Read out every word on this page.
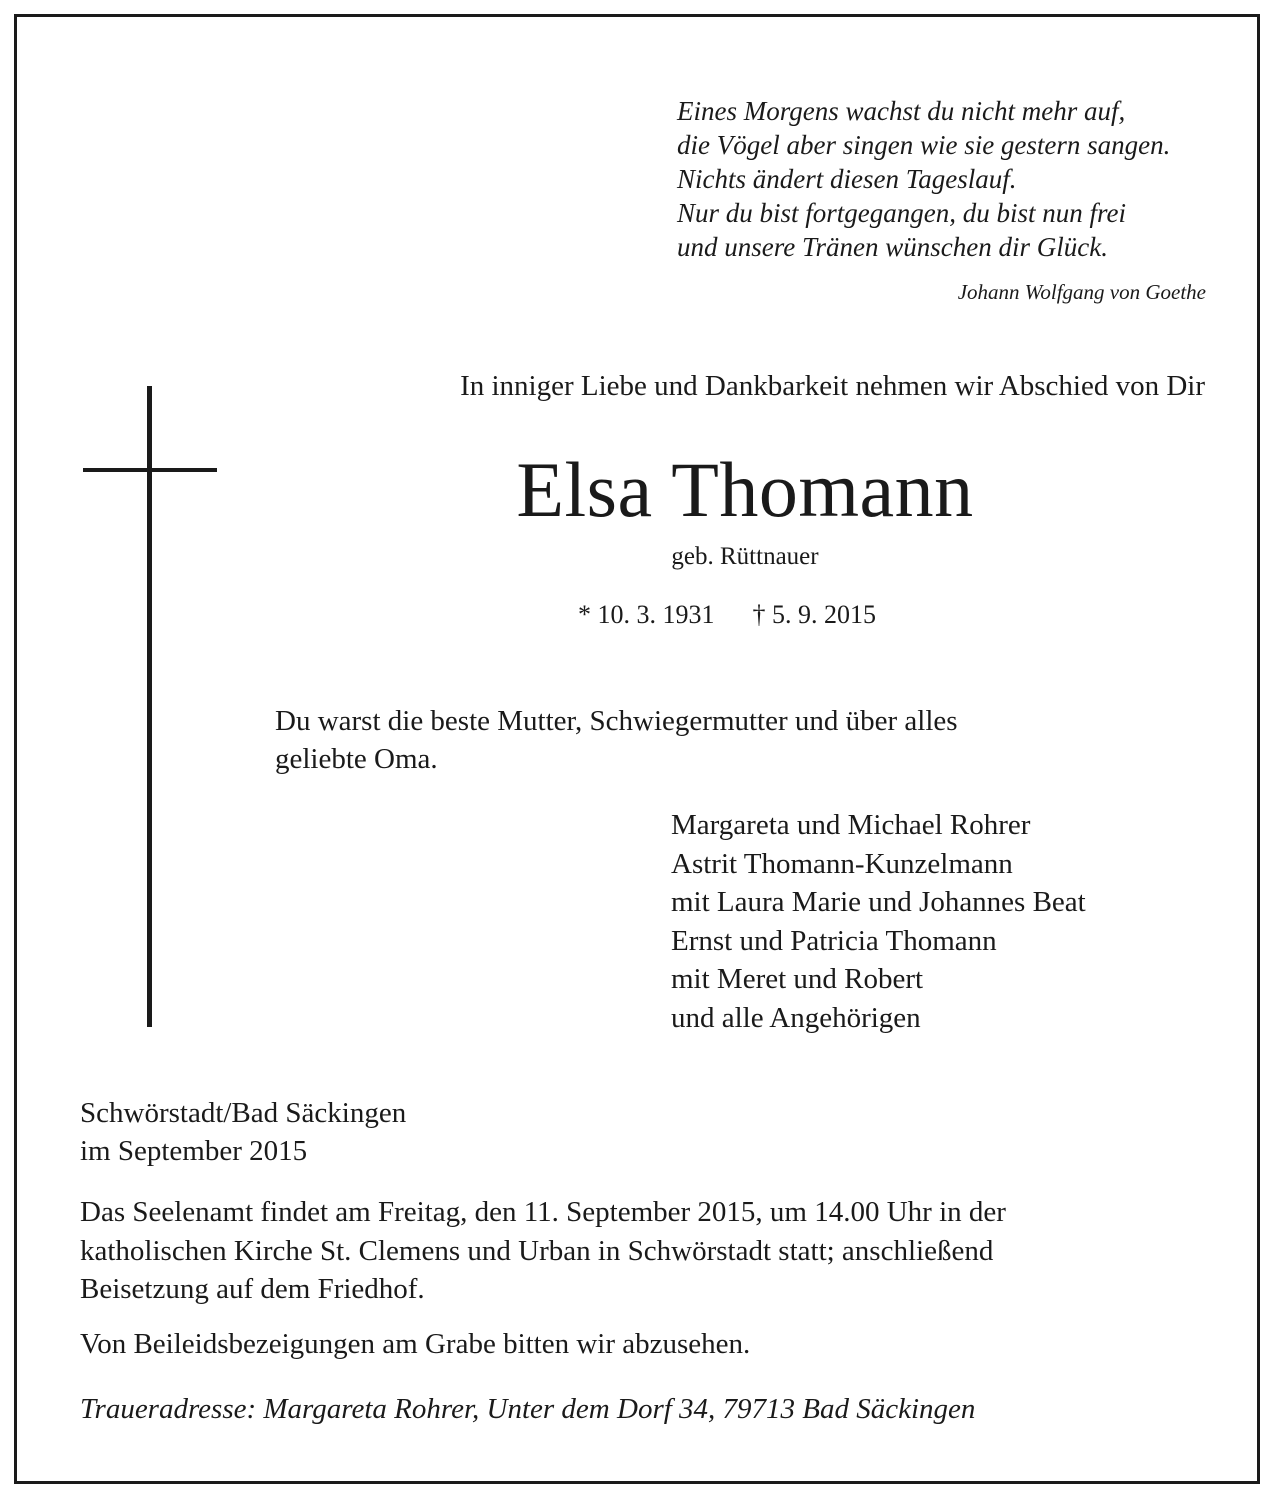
Eines Morgens wachst du nicht mehr auf,
die Vögel aber singen wie sie gestern sangen.
Nichts ändert diesen Tageslauf.
Nur du bist fortgegangen, du bist nun frei
und unsere Tränen wünschen dir Glück.
Johann Wolfgang von Goethe
In inniger Liebe und Dankbarkeit nehmen wir Abschied von Dir
Elsa Thomann
geb. Rüttnauer
* 10. 3. 1931 † 5. 9. 2015
Du warst die beste Mutter, Schwiegermutter und über alles
geliebte Oma.
Margareta und Michael Rohrer
Astrit Thomann-Kunzelmann
mit Laura Marie und Johannes Beat
Ernst und Patricia Thomann
mit Meret und Robert
und alle Angehörigen
Schwörstadt/Bad Säckingen
im September 2015
Das Seelenamt findet am Freitag, den 11. September 2015, um 14.00 Uhr in der
katholischen Kirche St. Clemens und Urban in Schwörstadt statt; anschließend
Beisetzung auf dem Friedhof.
Von Beileidsbezeigungen am Grabe bitten wir abzusehen.
Traueradresse: Margareta Rohrer, Unter dem Dorf 34, 79713 Bad Säckingen
